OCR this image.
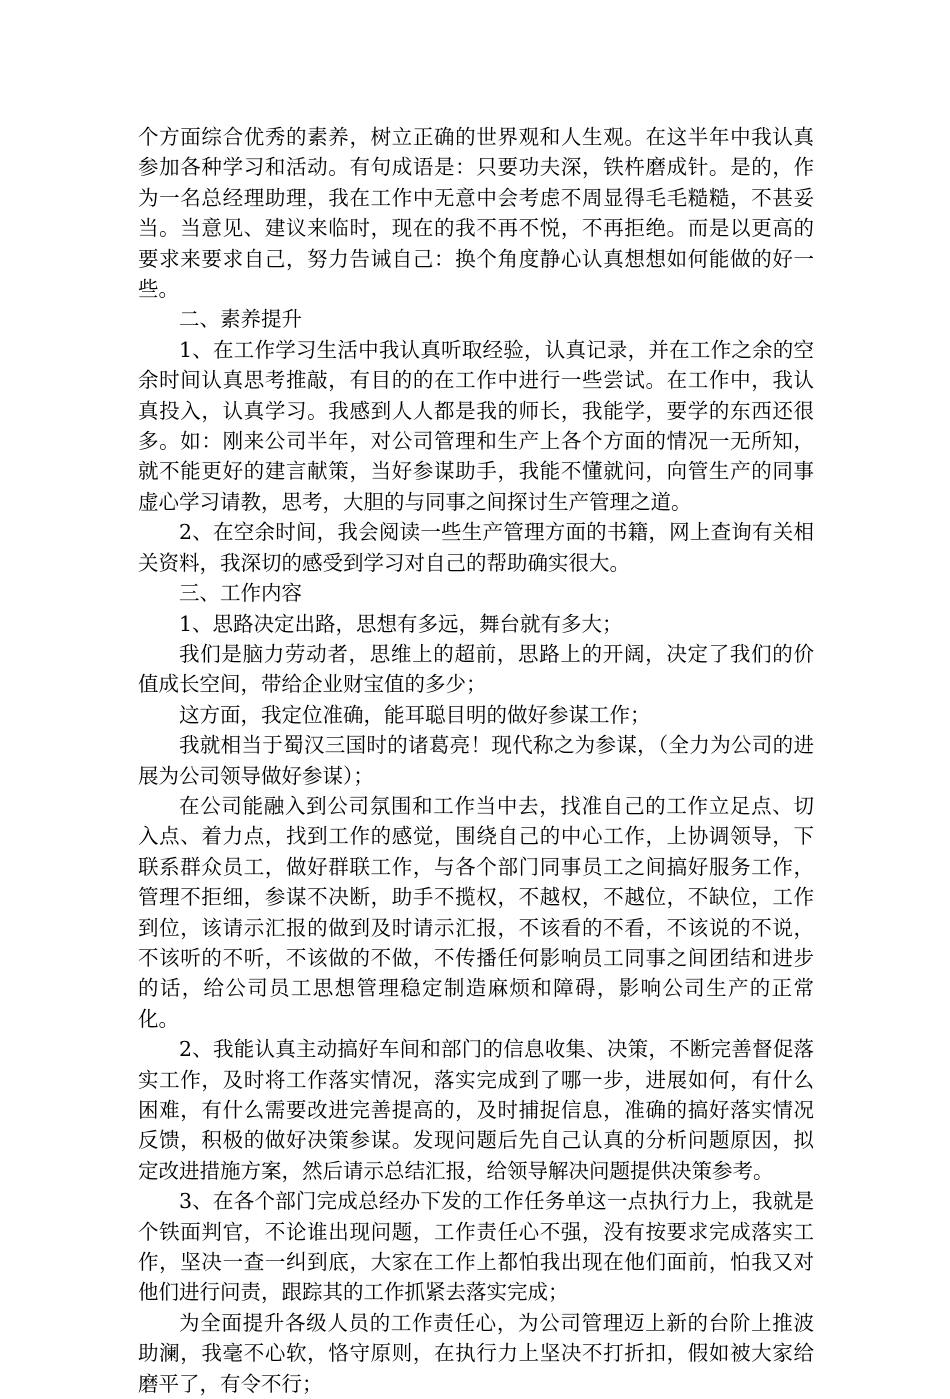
个方面综合优秀的素养，树立正确的世界观和人生观。在这半年中我认真参加各种学习和活动。有句成语是：只要功夫深，铁杵磨成针。是的，作为一名总经理助理，我在工作中无意中会考虑不周显得毛毛糙糙，不甚妥当。当意见、建议来临时，现在的我不再不悦，不再拒绝。而是以更高的要求来要求自己，努力告诫自己：换个角度静心认真想想如何能做的好一些。

二、素养提升

1、在工作学习生活中我认真听取经验，认真记录，并在工作之余的空余时间认真思考推敲，有目的的在工作中进行一些尝试。在工作中，我认真投入，认真学习。我感到人人都是我的师长，我能学，要学的东西还很多。如：刚来公司半年，对公司管理和生产上各个方面的情况一无所知，就不能更好的建言献策，当好参谋助手，我能不懂就问，向管生产的同事虚心学习请教，思考，大胆的与同事之间探讨生产管理之道。

2、在空余时间，我会阅读一些生产管理方面的书籍，网上查询有关相关资料，我深切的感受到学习对自己的帮助确实很大。

三、工作内容

1、思路决定出路，思想有多远，舞台就有多大；

我们是脑力劳动者，思维上的超前，思路上的开阔，决定了我们的价值成长空间，带给企业财宝值的多少；

这方面，我定位准确，能耳聪目明的做好参谋工作；

我就相当于蜀汉三国时的诸葛亮！现代称之为参谋，（全力为公司的进展为公司领导做好参谋）；

在公司能融入到公司氛围和工作当中去，找准自己的工作立足点、切入点、着力点，找到工作的感觉，围绕自己的中心工作，上协调领导，下联系群众员工，做好群联工作，与各个部门同事员工之间搞好服务工作，管理不拒细，参谋不决断，助手不揽权，不越权，不越位，不缺位，工作到位，该请示汇报的做到及时请示汇报，不该看的不看，不该说的不说，不该听的不听，不该做的不做，不传播任何影响员工同事之间团结和进步的话，给公司员工思想管理稳定制造麻烦和障碍，影响公司生产的正常化。

2、我能认真主动搞好车间和部门的信息收集、决策，不断完善督促落实工作，及时将工作落实情况，落实完成到了哪一步，进展如何，有什么困难，有什么需要改进完善提高的，及时捕捉信息，准确的搞好落实情况反馈，积极的做好决策参谋。发现问题后先自己认真的分析问题原因，拟定改进措施方案，然后请示总结汇报，给领导解决问题提供决策参考。

3、在各个部门完成总经办下发的工作任务单这一点执行力上，我就是个铁面判官，不论谁出现问题，工作责任心不强，没有按要求完成落实工作，坚决一查一纠到底，大家在工作上都怕我出现在他们面前，怕我又对他们进行问责，跟踪其的工作抓紧去落实完成；

为全面提升各级人员的工作责任心，为公司管理迈上新的台阶上推波助澜，我毫不心软，恪守原则，在执行力上坚决不打折扣，假如被大家给磨平了，有令不行；
